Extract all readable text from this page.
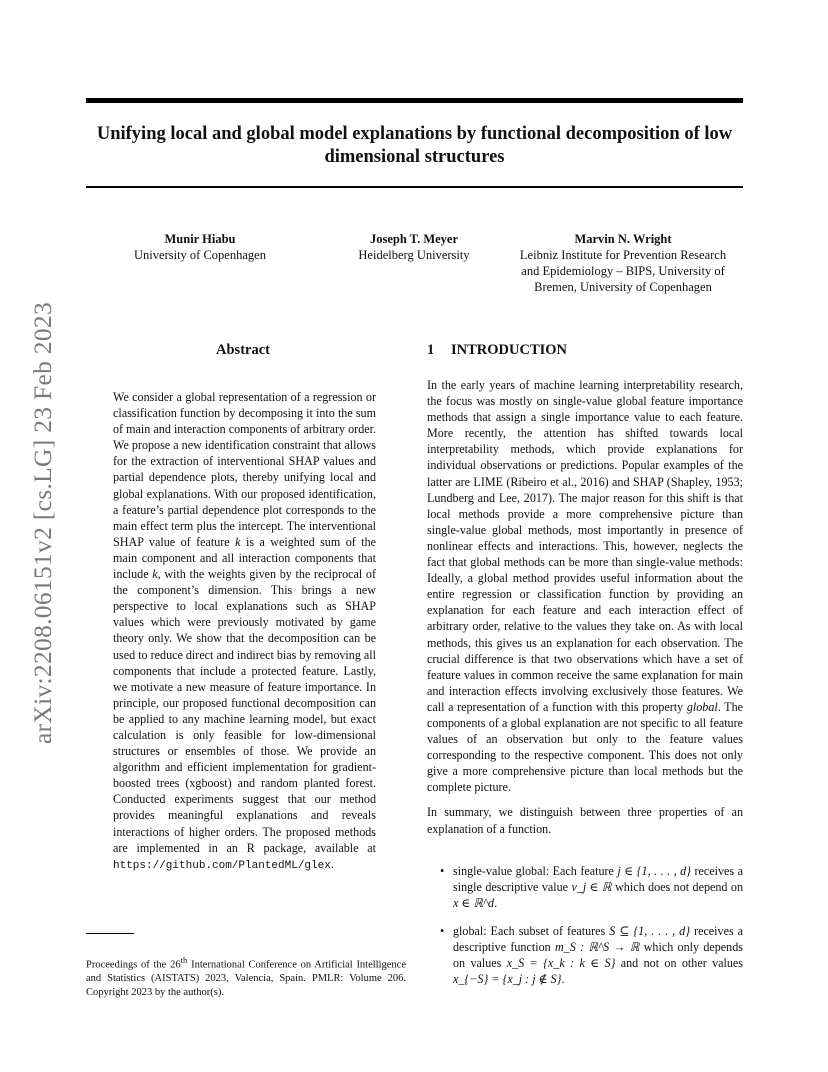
arXiv:2208.06151v2 [cs.LG] 23 Feb 2023
Unifying local and global model explanations by functional decomposition of low dimensional structures
Munir Hiabu
University of Copenhagen
Joseph T. Meyer
Heidelberg University
Marvin N. Wright
Leibniz Institute for Prevention Research and Epidemiology – BIPS, University of Bremen, University of Copenhagen
Abstract
We consider a global representation of a regression or classification function by decomposing it into the sum of main and interaction components of arbitrary order. We propose a new identification constraint that allows for the extraction of interventional SHAP values and partial dependence plots, thereby unifying local and global explanations. With our proposed identification, a feature’s partial dependence plot corresponds to the main effect term plus the intercept. The interventional SHAP value of feature k is a weighted sum of the main component and all interaction components that include k, with the weights given by the reciprocal of the component’s dimension. This brings a new perspective to local explanations such as SHAP values which were previously motivated by game theory only. We show that the decomposition can be used to reduce direct and indirect bias by removing all components that include a protected feature. Lastly, we motivate a new measure of feature importance. In principle, our proposed functional decomposition can be applied to any machine learning model, but exact calculation is only feasible for low-dimensional structures or ensembles of those. We provide an algorithm and efficient implementation for gradient-boosted trees (xgboost) and random planted forest. Conducted experiments suggest that our method provides meaningful explanations and reveals interactions of higher orders. The proposed methods are implemented in an R package, available at https://github.com/PlantedML/glex.
Proceedings of the 26th International Conference on Artificial Intelligence and Statistics (AISTATS) 2023, Valencia, Spain. PMLR: Volume 206. Copyright 2023 by the author(s).
1 INTRODUCTION

In the early years of machine learning interpretability research, the focus was mostly on single-value global feature importance methods that assign a single importance value to each feature. More recently, the attention has shifted towards local interpretability methods, which provide explanations for individual observations or predictions. Popular examples of the latter are LIME (Ribeiro et al., 2016) and SHAP (Shapley, 1953; Lundberg and Lee, 2017). The major reason for this shift is that local methods provide a more comprehensive picture than single-value global methods, most importantly in presence of nonlinear effects and interactions. This, however, neglects the fact that global methods can be more than single-value methods: Ideally, a global method provides useful information about the entire regression or classification function by providing an explanation for each feature and each interaction effect of arbitrary order, relative to the values they take on. As with local methods, this gives us an explanation for each observation. The crucial difference is that two observations which have a set of feature values in common receive the same explanation for main and interaction effects involving exclusively those features. We call a representation of a function with this property global. The components of a global explanation are not specific to all feature values of an observation but only to the feature values corresponding to the respective component. This does not only give a more comprehensive picture than local methods but the complete picture.

In summary, we distinguish between three properties of an explanation of a function.

• single-value global: Each feature j ∈ {1, . . . , d} receives a single descriptive value v_j ∈ ℝ which does not depend on x ∈ ℝ^d.
• global: Each subset of features S ⊆ {1, . . . , d} receives a descriptive function m_S : ℝ^S → ℝ which only depends on values x_S = {x_k : k ∈ S} and not on other values x_{−S} = {x_j : j ∉ S}.
